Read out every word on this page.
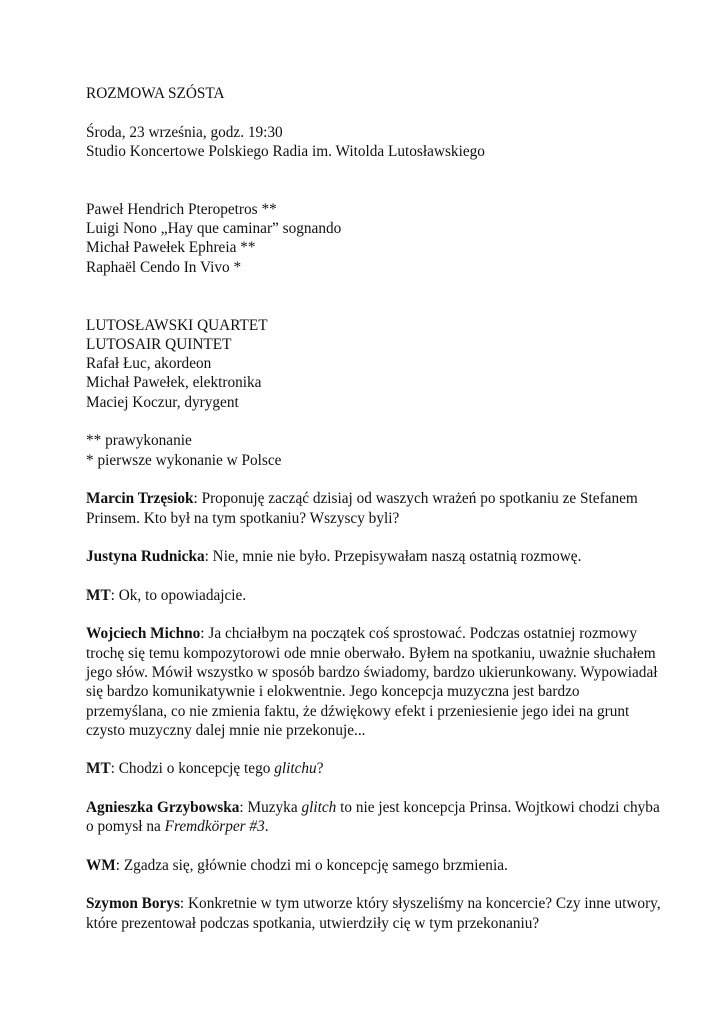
ROZMOWA SZÓSTA
Środa, 23 września, godz. 19:30
Studio Koncertowe Polskiego Radia im. Witolda Lutosławskiego
Paweł Hendrich Pteropetros **
Luigi Nono „Hay que caminar” sognando
Michał Pawełek Ephreia **
Raphaël Cendo In Vivo *
LUTOSŁAWSKI QUARTET
LUTOSAIR QUINTET
Rafał Łuc, akordeon
Michał Pawełek, elektronika
Maciej Koczur, dyrygent
** prawykonanie
* pierwsze wykonanie w Polsce
Marcin Trzęsiok: Proponuję zacząć dzisiaj od waszych wrażeń po spotkaniu ze Stefanem
Prinsem. Kto był na tym spotkaniu? Wszyscy byli?
Justyna Rudnicka: Nie, mnie nie było. Przepisywałam naszą ostatnią rozmowę.
MT: Ok, to opowiadajcie.
Wojciech Michno: Ja chciałbym na początek coś sprostować. Podczas ostatniej rozmowy
trochę się temu kompozytorowi ode mnie oberwało. Byłem na spotkaniu, uważnie słuchałem
jego słów. Mówił wszystko w sposób bardzo świadomy, bardzo ukierunkowany. Wypowiadał
się bardzo komunikatywnie i elokwentnie. Jego koncepcja muzyczna jest bardzo
przemyślana, co nie zmienia faktu, że dźwiękowy efekt i przeniesienie jego idei na grunt
czysto muzyczny dalej mnie nie przekonuje...
MT: Chodzi o koncepcję tego glitchu?
Agnieszka Grzybowska: Muzyka glitch to nie jest koncepcja Prinsa. Wojtkowi chodzi chyba
o pomysł na Fremdkörper #3.
WM: Zgadza się, głównie chodzi mi o koncepcję samego brzmienia.
Szymon Borys: Konkretnie w tym utworze który słyszeliśmy na koncercie? Czy inne utwory,
które prezentował podczas spotkania, utwierdziły cię w tym przekonaniu?
